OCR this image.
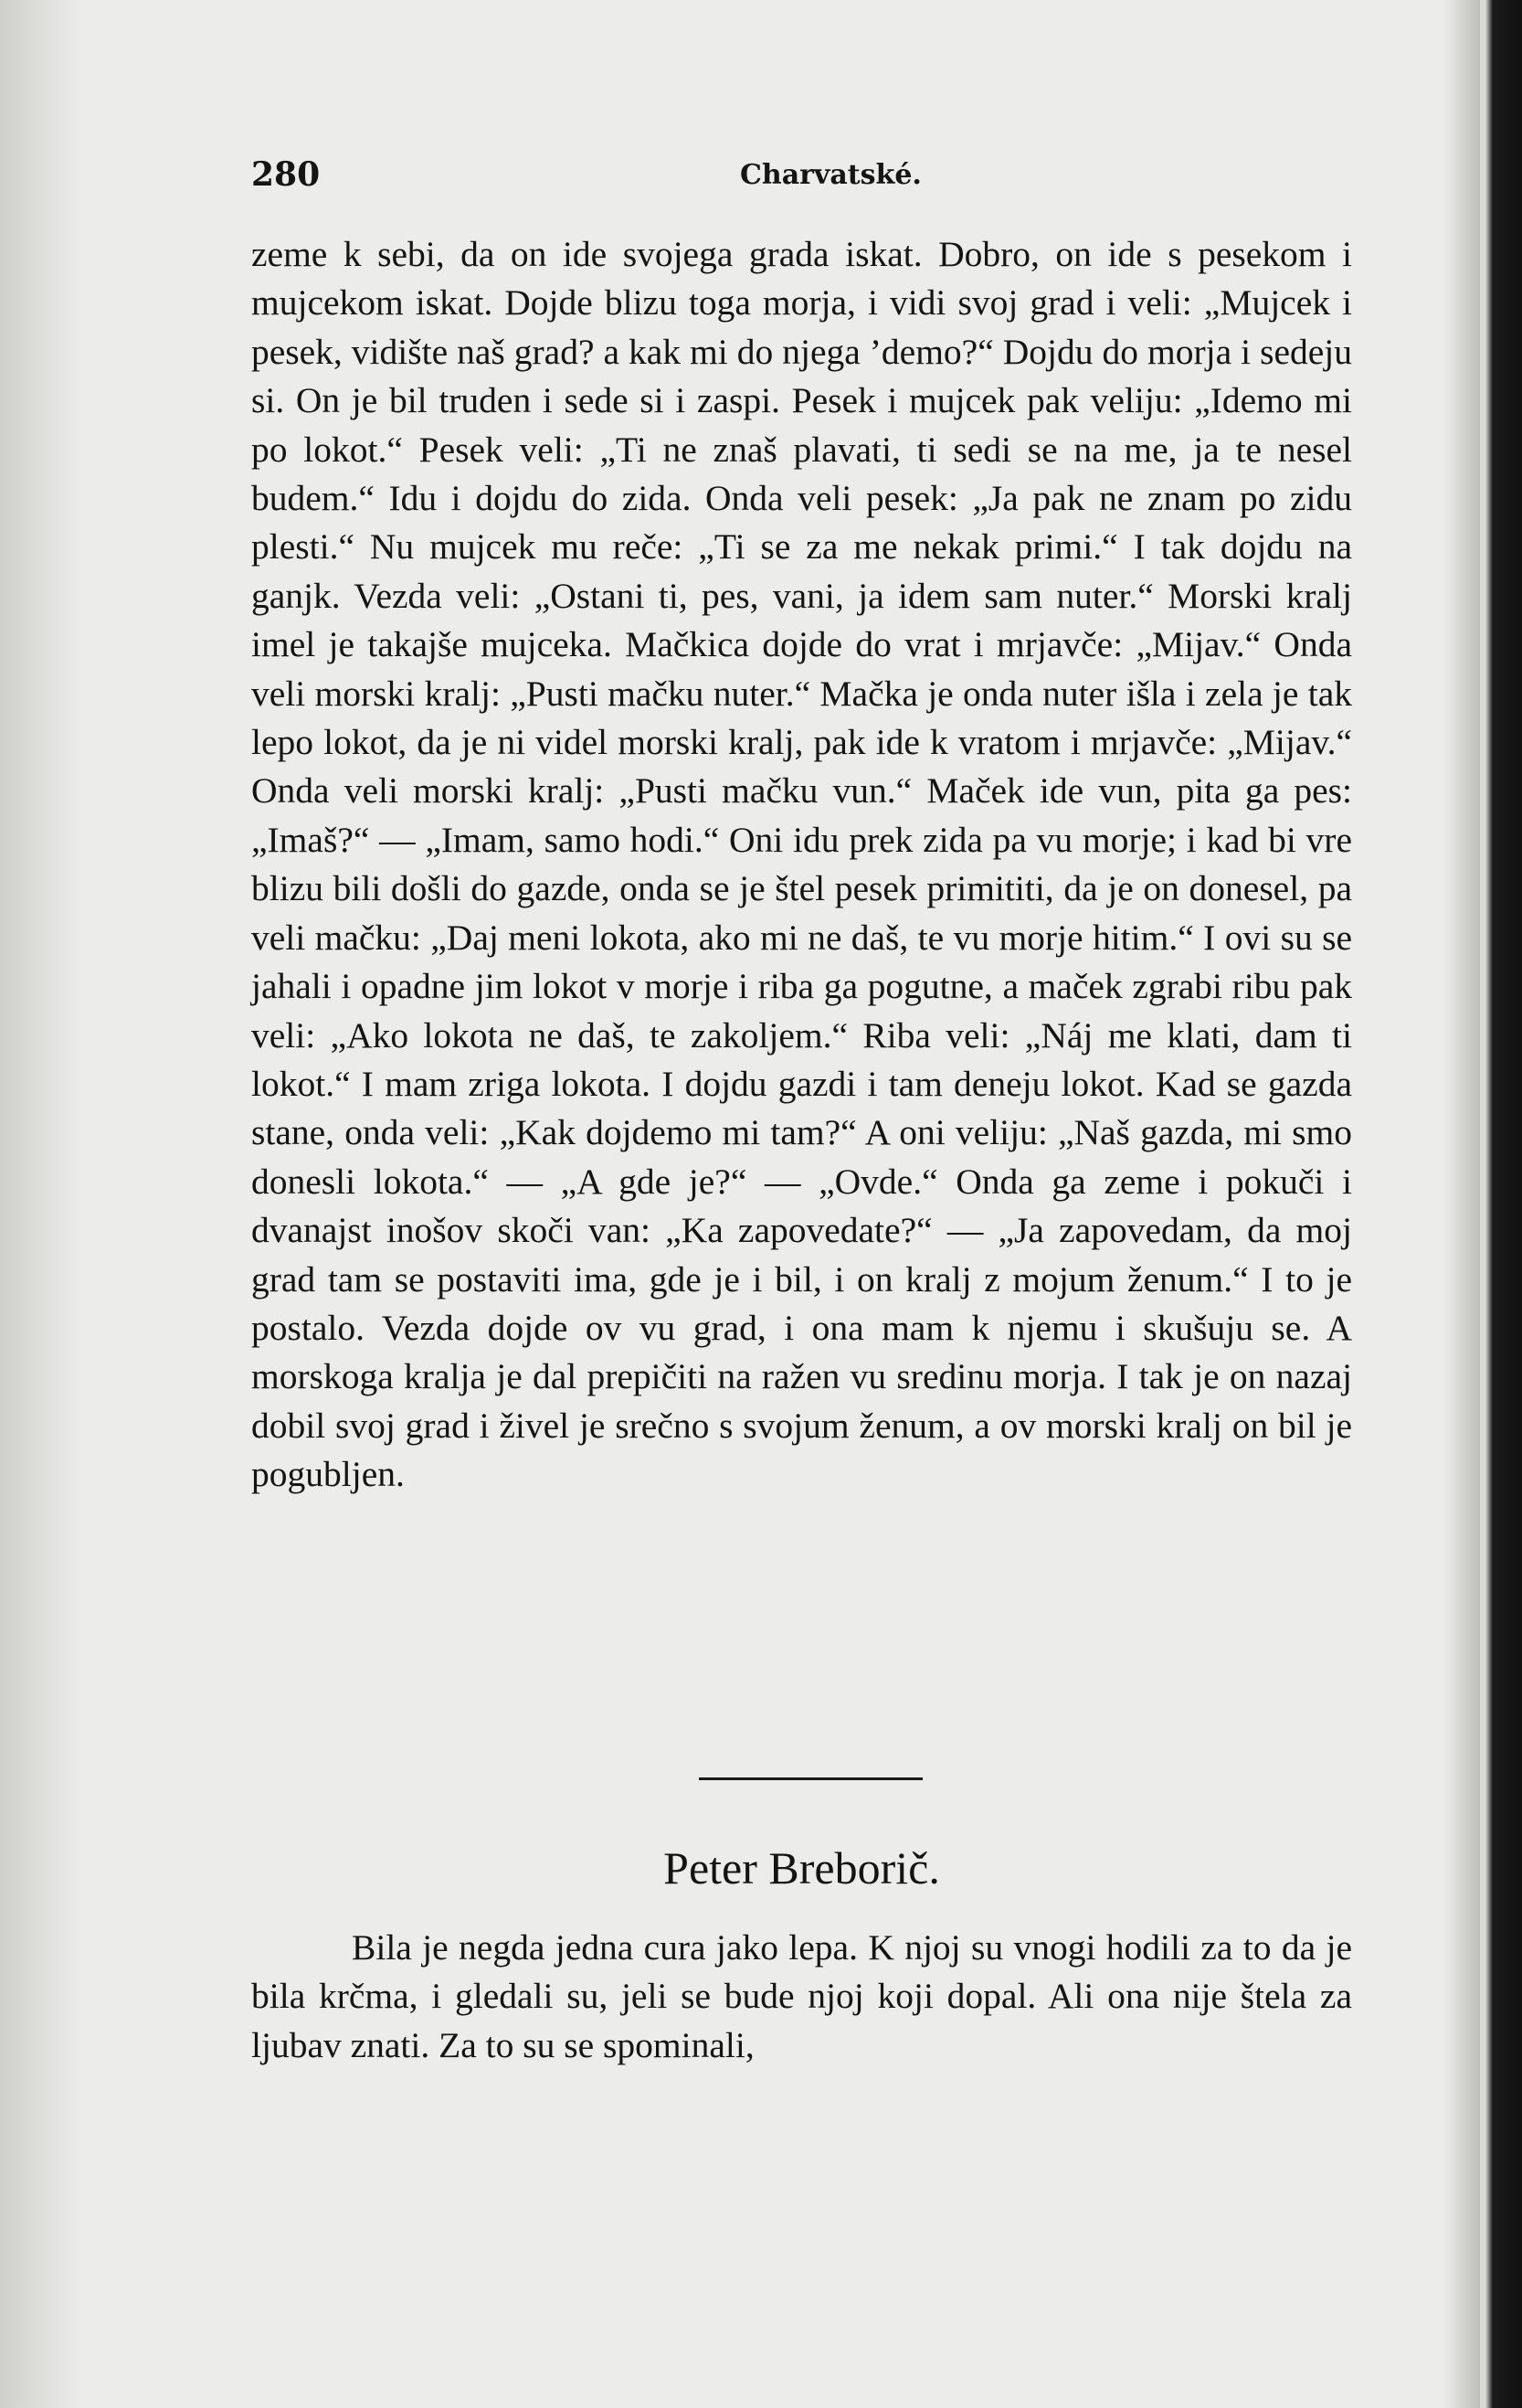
280	Charvatské.

zeme k sebi, da on ide svojega grada iskat. Dobro, on ide s pesekom i mujcekom iskat. Dojde blizu toga morja, i vidi svoj grad i veli: „Mujcek i pesek, vidište naš grad? a kak mi do njega ’demo?“ Dojdu do morja i sedeju si. On je bil truden i sede si i zaspi. Pesek i mujcek pak veliju: „Idemo mi po lokot.“ Pesek veli: „Ti ne znaš plavati, ti sedi se na me, ja te nesel budem.“ Idu i dojdu do zida. Onda veli pesek: „Ja pak ne znam po zidu plesti.“ Nu mujcek mu reče: „Ti se za me nekak primi.“ I tak dojdu na ganjk. Vezda veli: „Ostani ti, pes, vani, ja idem sam nuter.“ Morski kralj imel je takajše mujceka. Mačkica dojde do vrat i mrjavče: „Mijav.“ Onda veli morski kralj: „Pusti mačku nuter.“ Mačka je onda nuter išla i zela je tak lepo lokot, da je ni videl morski kralj, pak ide k vratom i mrjavče: „Mijav.“ Onda veli morski kralj: „Pusti mačku vun.“ Maček ide vun, pita ga pes: „Imaš?“ — „Imam, samo hodi.“ Oni idu prek zida pa vu morje; i kad bi vre blizu bili došli do gazde, onda se je štel pesek primititi, da je on donesel, pa veli mačku: „Daj meni lokota, ako mi ne daš, te vu morje hitim.“ I ovi su se jahali i opadne jim lokot v morje i riba ga pogutne, a maček zgrabi ribu pak veli: „Ako lokota ne daš, te zakoljem.“ Riba veli: „Náj me klati, dam ti lokot.“ I mam zriga lokota. I dojdu gazdi i tam deneju lokot. Kad se gazda stane, onda veli: „Kak dojdemo mi tam?“ A oni veliju: „Naš gazda, mi smo donesli lokota.“ — „A gde je?“ — „Ovde.“ Onda ga zeme i pokuči i dvanajst inošov skoči van: „Ka zapovedate?“ — „Ja zapovedam, da moj grad tam se postaviti ima, gde je i bil, i on kralj z mojum ženum.“ I to je postalo. Vezda dojde ov vu grad, i ona mam k njemu i skušuju se. A morskoga kralja je dal prepičiti na ražen vu sredinu morja. I tak je on nazaj dobil svoj grad i živel je srečno s svojum ženum, a ov morski kralj on bil je pogubljen.

Peter Breborič.

Bila je negda jedna cura jako lepa. K njoj su vnogi hodili za to da je bila krčma, i gledali su, jeli se bude njoj koji dopal. Ali ona nije štela za ljubav znati. Za to su se spominali,
